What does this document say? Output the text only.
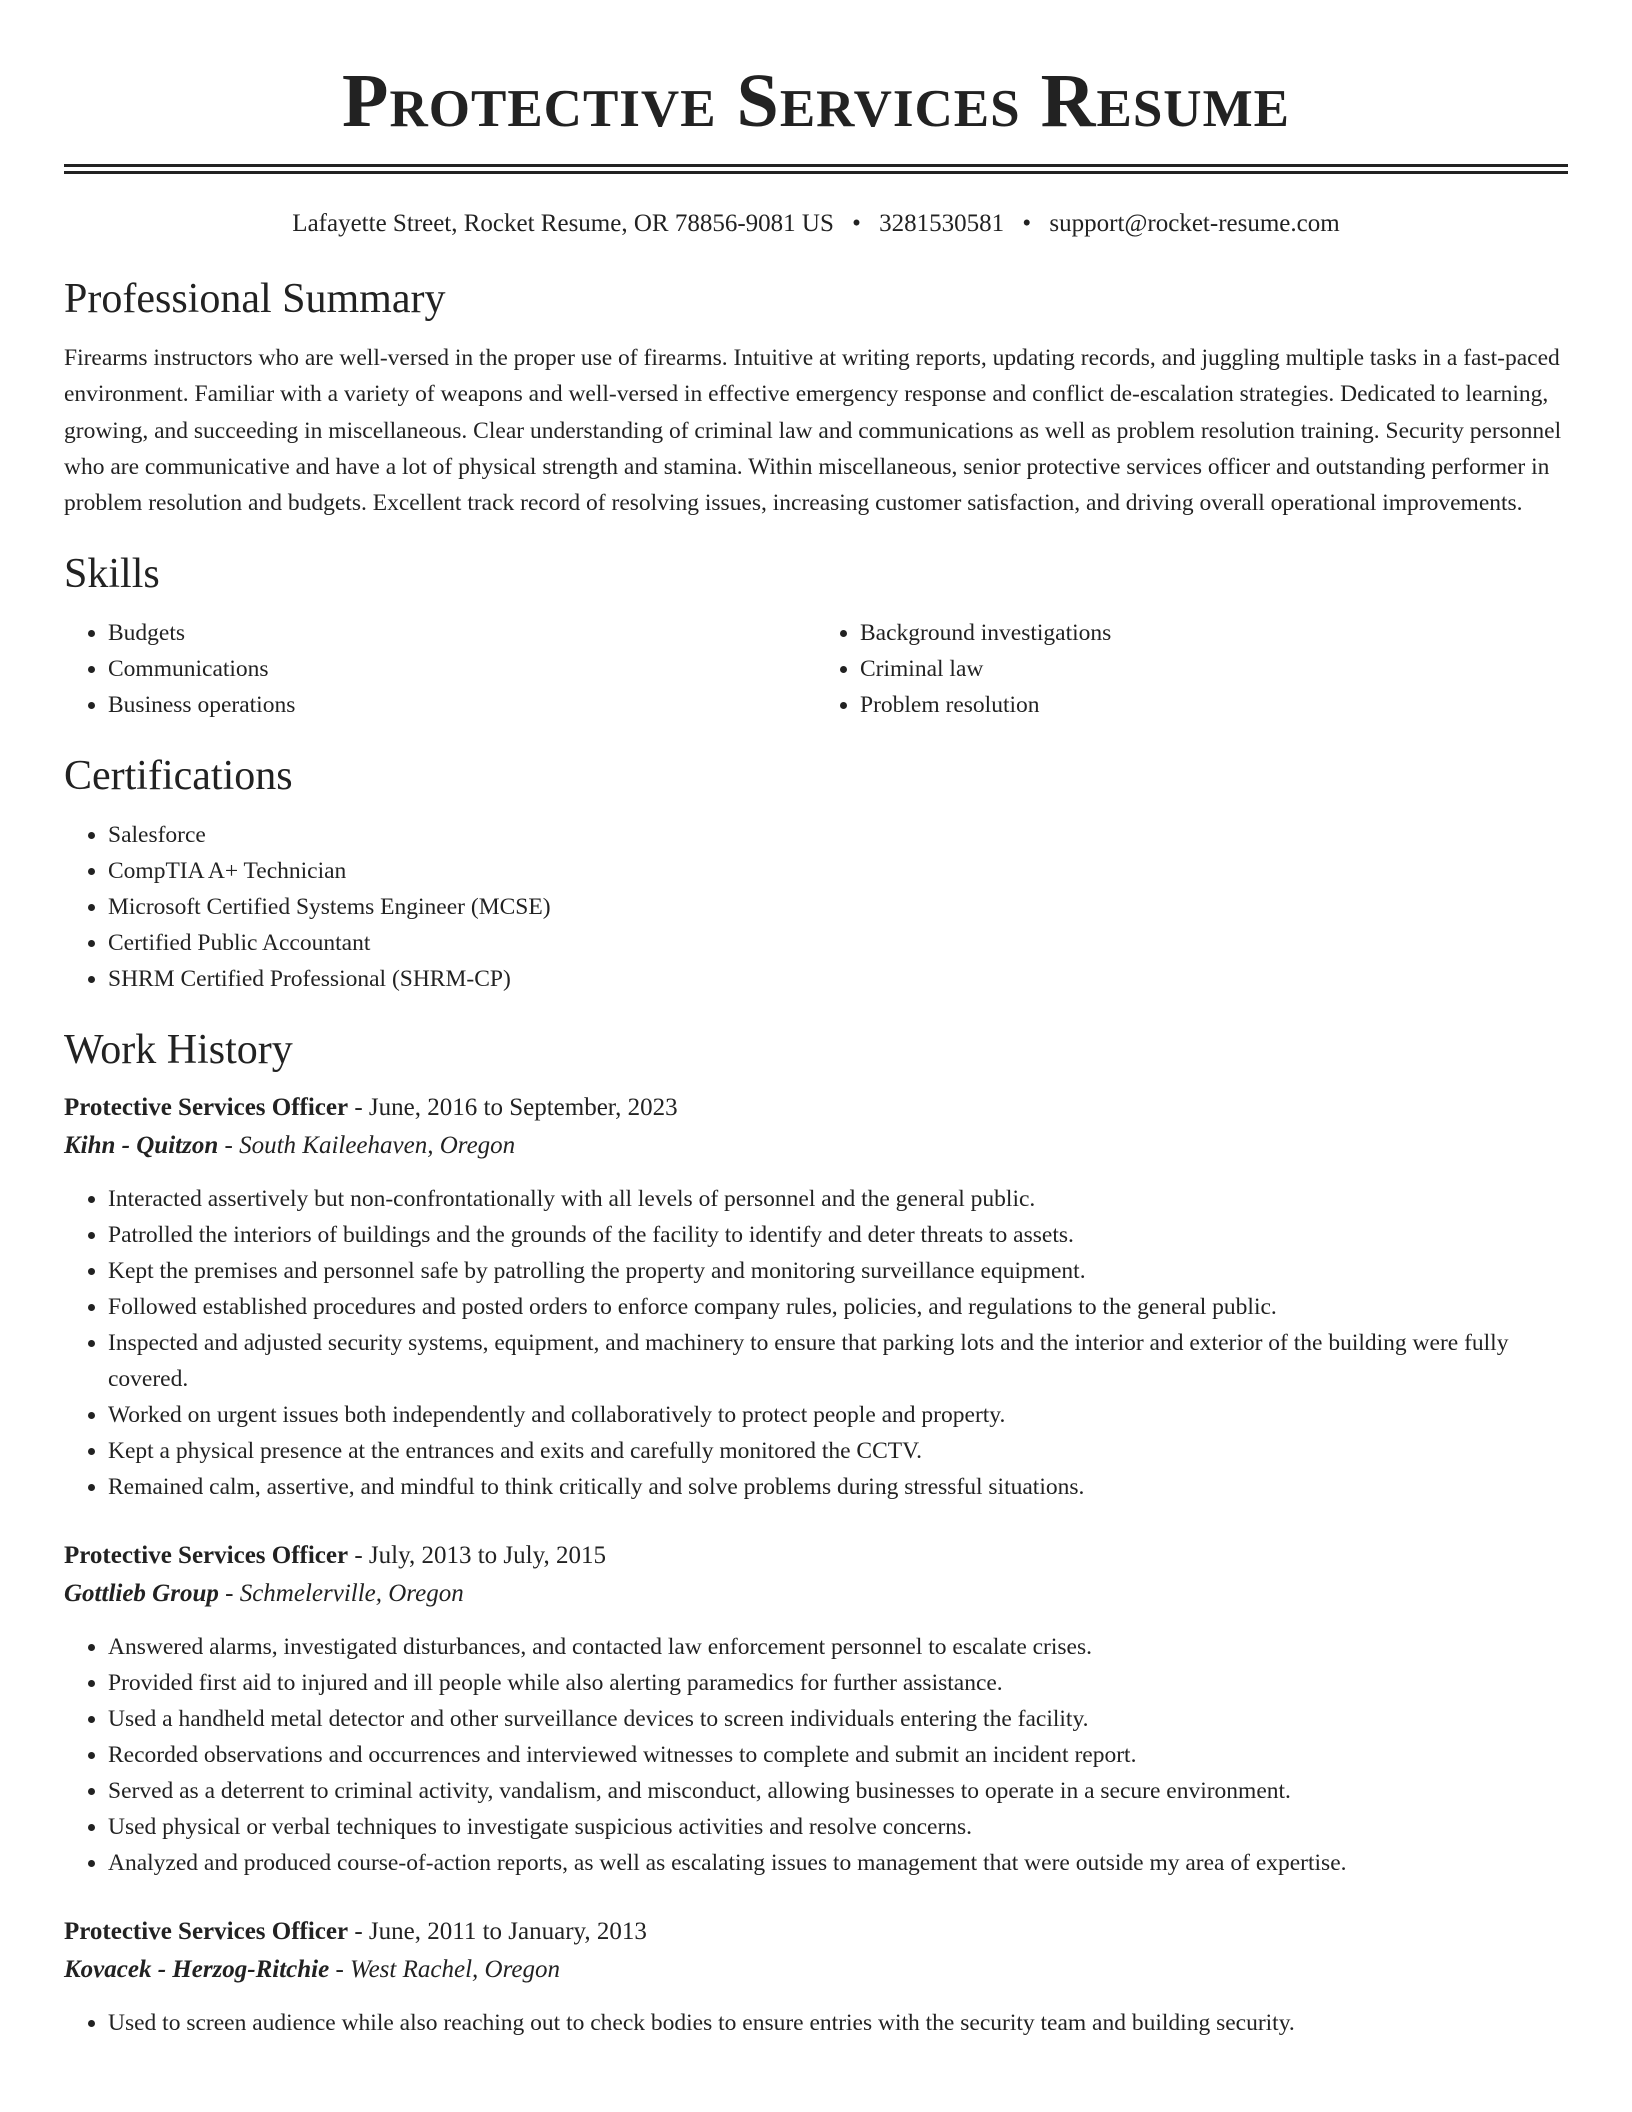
Protective Services Resume
Lafayette Street, Rocket Resume, OR 78856-9081 US • 3281530581 • support@rocket-resume.com
Professional Summary
Firearms instructors who are well-versed in the proper use of firearms. Intuitive at writing reports, updating records, and juggling multiple tasks in a fast-paced environment. Familiar with a variety of weapons and well-versed in effective emergency response and conflict de-escalation strategies. Dedicated to learning, growing, and succeeding in miscellaneous. Clear understanding of criminal law and communications as well as problem resolution training. Security personnel who are communicative and have a lot of physical strength and stamina. Within miscellaneous, senior protective services officer and outstanding performer in problem resolution and budgets. Excellent track record of resolving issues, increasing customer satisfaction, and driving overall operational improvements.
Skills
• Budgets
• Communications
• Business operations
• Background investigations
• Criminal law
• Problem resolution
Certifications
• Salesforce
• CompTIA A+ Technician
• Microsoft Certified Systems Engineer (MCSE)
• Certified Public Accountant
• SHRM Certified Professional (SHRM-CP)
Work History
Protective Services Officer - June, 2016 to September, 2023
Kihn - Quitzon - South Kaileehaven, Oregon
• Interacted assertively but non-confrontationally with all levels of personnel and the general public.
• Patrolled the interiors of buildings and the grounds of the facility to identify and deter threats to assets.
• Kept the premises and personnel safe by patrolling the property and monitoring surveillance equipment.
• Followed established procedures and posted orders to enforce company rules, policies, and regulations to the general public.
• Inspected and adjusted security systems, equipment, and machinery to ensure that parking lots and the interior and exterior of the building were fully covered.
• Worked on urgent issues both independently and collaboratively to protect people and property.
• Kept a physical presence at the entrances and exits and carefully monitored the CCTV.
• Remained calm, assertive, and mindful to think critically and solve problems during stressful situations.
Protective Services Officer - July, 2013 to July, 2015
Gottlieb Group - Schmelerville, Oregon
• Answered alarms, investigated disturbances, and contacted law enforcement personnel to escalate crises.
• Provided first aid to injured and ill people while also alerting paramedics for further assistance.
• Used a handheld metal detector and other surveillance devices to screen individuals entering the facility.
• Recorded observations and occurrences and interviewed witnesses to complete and submit an incident report.
• Served as a deterrent to criminal activity, vandalism, and misconduct, allowing businesses to operate in a secure environment.
• Used physical or verbal techniques to investigate suspicious activities and resolve concerns.
• Analyzed and produced course-of-action reports, as well as escalating issues to management that were outside my area of expertise.
Protective Services Officer - June, 2011 to January, 2013
Kovacek - Herzog-Ritchie - West Rachel, Oregon
• Used to screen audience while also reaching out to check bodies to ensure entries with the security team and building security.
